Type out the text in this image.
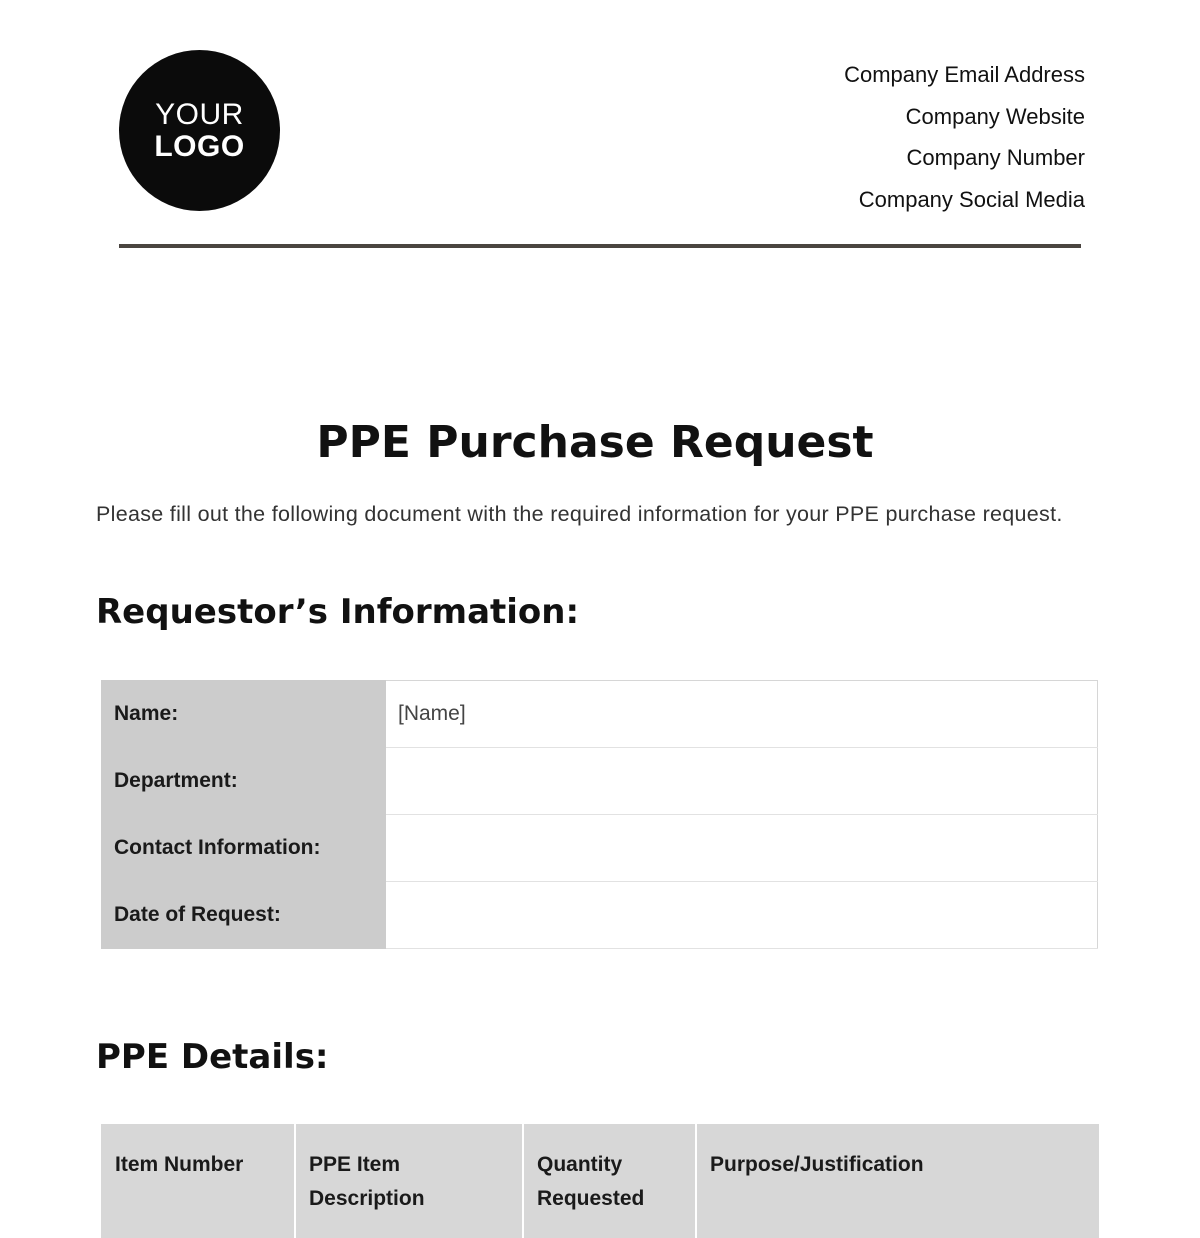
YOUR
LOGO
Company Email Address
Company Website
Company Number
Company Social Media
PPE Purchase Request

Please fill out the following document with the required information for your PPE purchase request.

Requestor’s Information:
Name:	[Name]
Department:	
Contact Information:	
Date of Request:	
PPE Details:
Item Number	PPE Item Description	Quantity Requested	Purpose/Justification
